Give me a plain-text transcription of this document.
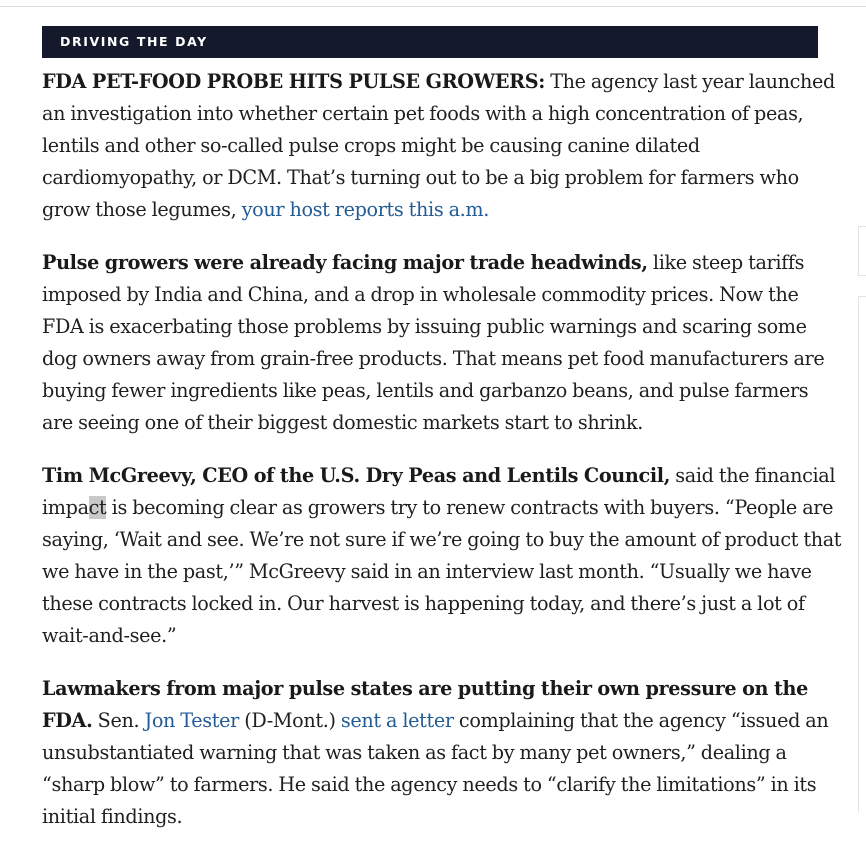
DRIVING THE DAY

FDA PET-FOOD PROBE HITS PULSE GROWERS: The agency last year launched an investigation into whether certain pet foods with a high concentration of peas, lentils and other so-called pulse crops might be causing canine dilated cardiomyopathy, or DCM. That’s turning out to be a big problem for farmers who grow those legumes, your host reports this a.m.

Pulse growers were already facing major trade headwinds, like steep tariffs imposed by India and China, and a drop in wholesale commodity prices. Now the FDA is exacerbating those problems by issuing public warnings and scaring some dog owners away from grain-free products. That means pet food manufacturers are buying fewer ingredients like peas, lentils and garbanzo beans, and pulse farmers are seeing one of their biggest domestic markets start to shrink.

Tim McGreevy, CEO of the U.S. Dry Peas and Lentils Council, said the financial impact is becoming clear as growers try to renew contracts with buyers. “People are saying, ‘Wait and see. We’re not sure if we’re going to buy the amount of product that we have in the past,’” McGreevy said in an interview last month. “Usually we have these contracts locked in. Our harvest is happening today, and there’s just a lot of wait-and-see.”

Lawmakers from major pulse states are putting their own pressure on the FDA. Sen. Jon Tester (D-Mont.) sent a letter complaining that the agency “issued an unsubstantiated warning that was taken as fact by many pet owners,” dealing a “sharp blow” to farmers. He said the agency needs to “clarify the limitations” in its initial findings.
